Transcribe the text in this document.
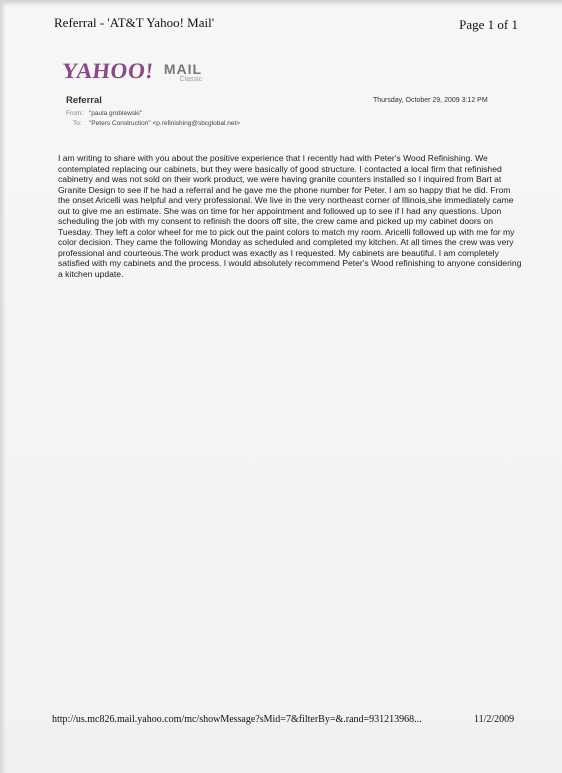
Referral - 'AT&T Yahoo! Mail'	Page 1 of 1
YAHOO! MAIL
Classic
Referral	Thursday, October 29, 2009 3:12 PM
From: "paula groblewski"
To: "Peters Construction" <p.refinishing@sbcglobal.net>
I am writing to share with you about the positive experience that I recently had with Peter's Wood Refinishing. We contemplated replacing our cabinets, but they were basically of good structure. I contacted a local firm that refinished cabinetry and was not sold on their work product, we were having granite counters installed so I inquired from Bart at Granite Design to see if he had a referral and he gave me the phone number for Peter. I am so happy that he did. From the onset Aricelli was helpful and very professional. We live in the very northeast corner of Illinois,she immediately came out to give me an estimate. She was on time for her appointment and followed up to see if I had any questions. Upon scheduling the job with my consent to refinish the doors off site, the crew came and picked up my cabinet doors on Tuesday. They left a color wheel for me to pick out the paint colors to match my room. Aricelli followed up with me for my color decision. They came the following Monday as scheduled and completed my kitchen. At all times the crew was very professional and courteous.The work product was exactly as I requested. My cabinets are beautiful. I am completely satisfied with my cabinets and the process. I would absolutely recommend Peter's Wood refinishing to anyone considering a kitchen update.
http://us.mc826.mail.yahoo.com/mc/showMessage?sMid=7&filterBy=&.rand=931213968...	11/2/2009
